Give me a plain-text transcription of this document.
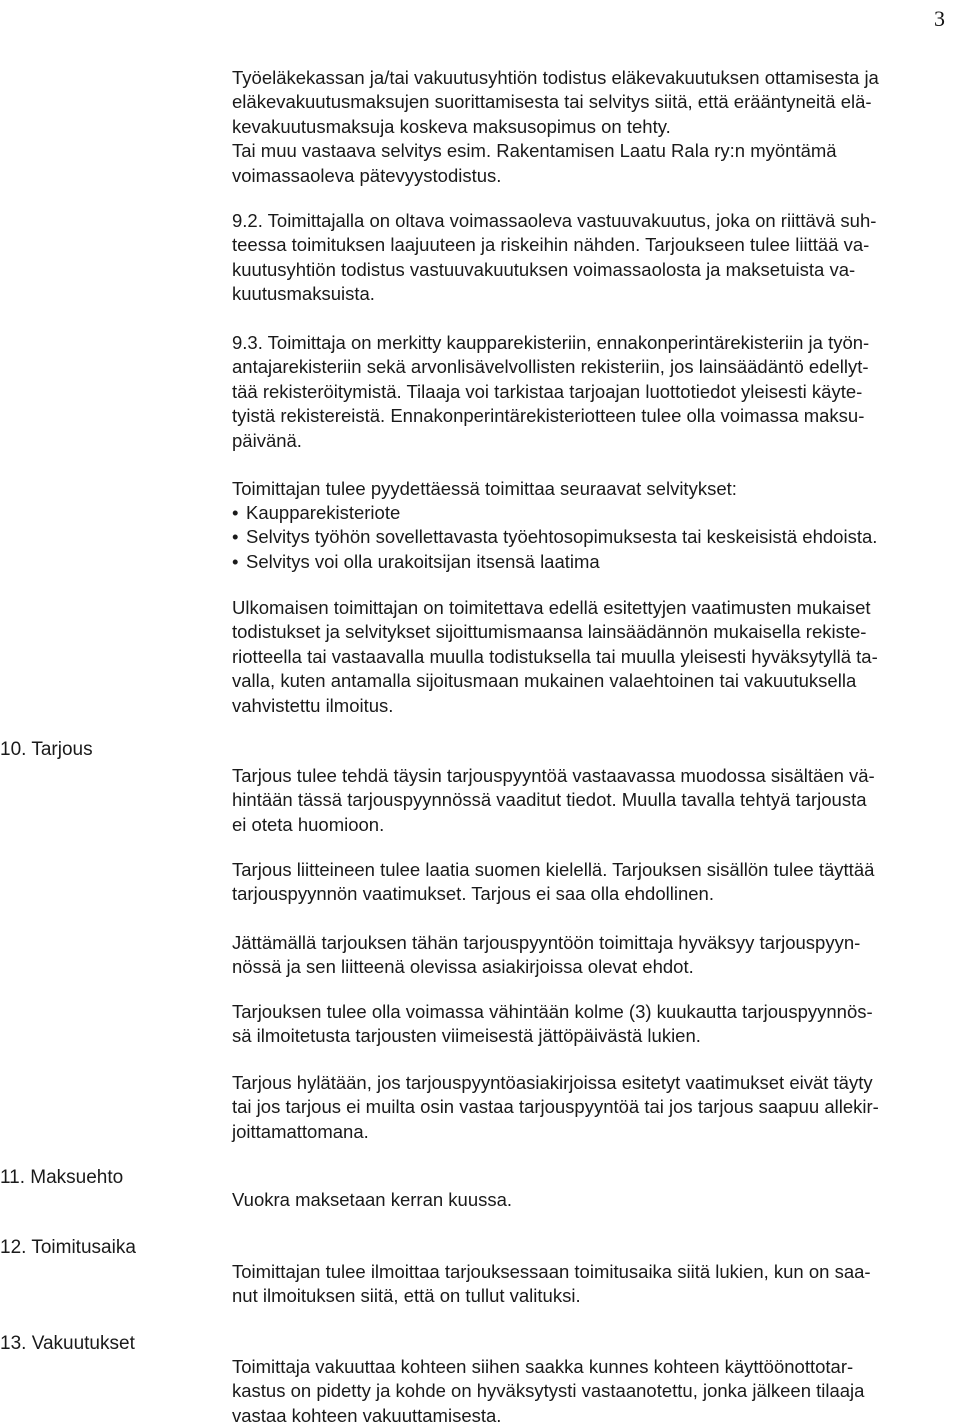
3
Työeläkekassan ja/tai vakuutusyhtiön todistus eläkevakuutuksen ottamisesta ja
eläkevakuutusmaksujen suorittamisesta tai selvitys siitä, että erääntyneitä elä-
kevakuutusmaksuja koskeva maksusopimus on tehty.
Tai muu vastaava selvitys esim. Rakentamisen Laatu Rala ry:n myöntämä
voimassaoleva pätevyystodistus.
9.2. Toimittajalla on oltava voimassaoleva vastuuvakuutus, joka on riittävä suh-
teessa toimituksen laajuuteen ja riskeihin nähden. Tarjoukseen tulee liittää va-
kuutusyhtiön todistus vastuuvakuutuksen voimassaolosta ja maksetuista va-
kuutusmaksuista.
9.3. Toimittaja on merkitty kaupparekisteriin, ennakonperintärekisteriin ja työn-
antajarekisteriin sekä arvonlisävelvollisten rekisteriin, jos lainsäädäntö edellyt-
tää rekisteröitymistä. Tilaaja voi tarkistaa tarjoajan luottotiedot yleisesti käyte-
tyistä rekistereistä. Ennakonperintärekisteriotteen tulee olla voimassa maksu-
päivänä.
Toimittajan tulee pyydettäessä toimittaa seuraavat selvitykset:
• Kaupparekisteriote
• Selvitys työhön sovellettavasta työehtosopimuksesta tai keskeisistä ehdoista.
• Selvitys voi olla urakoitsijan itsensä laatima
Ulkomaisen toimittajan on toimitettava edellä esitettyjen vaatimusten mukaiset
todistukset ja selvitykset sijoittumismaansa lainsäädännön mukaisella rekiste-
riotteella tai vastaavalla muulla todistuksella tai muulla yleisesti hyväksytyllä ta-
valla, kuten antamalla sijoitusmaan mukainen valaehtoinen tai vakuutuksella
vahvistettu ilmoitus.
10. Tarjous
Tarjous tulee tehdä täysin tarjouspyyntöä vastaavassa muodossa sisältäen vä-
hintään tässä tarjouspyynnössä vaaditut tiedot. Muulla tavalla tehtyä tarjousta
ei oteta huomioon.
Tarjous liitteineen tulee laatia suomen kielellä. Tarjouksen sisällön tulee täyttää
tarjouspyynnön vaatimukset. Tarjous ei saa olla ehdollinen.
Jättämällä tarjouksen tähän tarjouspyyntöön toimittaja hyväksyy tarjouspyyn-
nössä ja sen liitteenä olevissa asiakirjoissa olevat ehdot.
Tarjouksen tulee olla voimassa vähintään kolme (3) kuukautta tarjouspyynnös-
sä ilmoitetusta tarjousten viimeisestä jättöpäivästä lukien.
Tarjous hylätään, jos tarjouspyyntöasiakirjoissa esitetyt vaatimukset eivät täyty
tai jos tarjous ei muilta osin vastaa tarjouspyyntöä tai jos tarjous saapuu allekir-
joittamattomana.
11. Maksuehto
Vuokra maksetaan kerran kuussa.
12. Toimitusaika
Toimittajan tulee ilmoittaa tarjouksessaan toimitusaika siitä lukien, kun on saa-
nut ilmoituksen siitä, että on tullut valituksi.
13. Vakuutukset
Toimittaja vakuuttaa kohteen siihen saakka kunnes kohteen käyttöönottotar-
kastus on pidetty ja kohde on hyväksytysti vastaanotettu, jonka jälkeen tilaaja
vastaa kohteen vakuuttamisesta.
